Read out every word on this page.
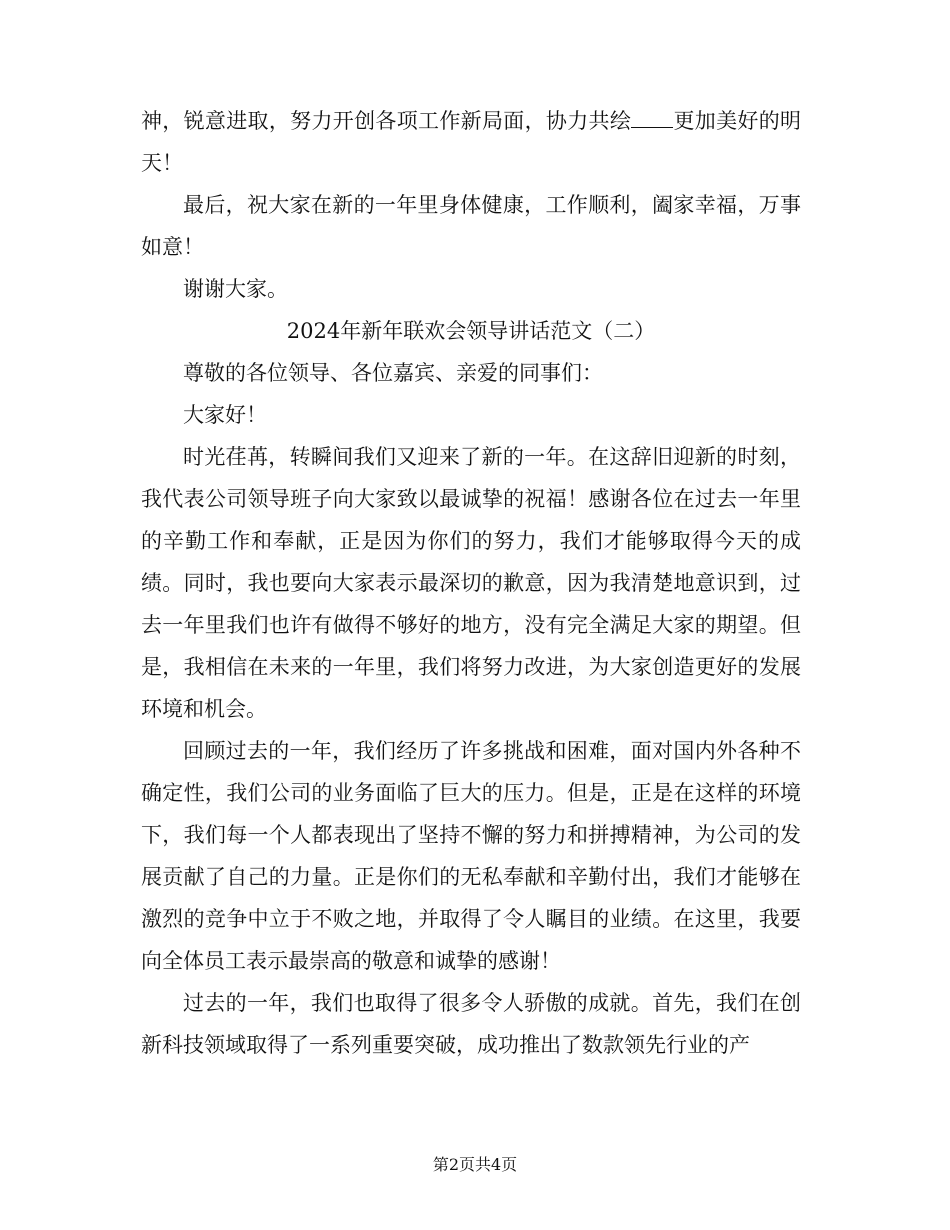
神，锐意进取，努力开创各项工作新局面，协力共绘 更加美好的明天！

最后，祝大家在新的一年里身体健康，工作顺利，阖家幸福，万事如意！

谢谢大家。

2024年新年联欢会领导讲话范文（二）

尊敬的各位领导、各位嘉宾、亲爱的同事们：

大家好！

时光荏苒，转瞬间我们又迎来了新的一年。在这辞旧迎新的时刻，我代表公司领导班子向大家致以最诚挚的祝福！感谢各位在过去一年里的辛勤工作和奉献，正是因为你们的努力，我们才能够取得今天的成绩。同时，我也要向大家表示最深切的歉意，因为我清楚地意识到，过去一年里我们也许有做得不够好的地方，没有完全满足大家的期望。但是，我相信在未来的一年里，我们将努力改进，为大家创造更好的发展环境和机会。

回顾过去的一年，我们经历了许多挑战和困难，面对国内外各种不确定性，我们公司的业务面临了巨大的压力。但是，正是在这样的环境下，我们每一个人都表现出了坚持不懈的努力和拼搏精神，为公司的发展贡献了自己的力量。正是你们的无私奉献和辛勤付出，我们才能够在激烈的竞争中立于不败之地，并取得了令人瞩目的业绩。在这里，我要向全体员工表示最崇高的敬意和诚挚的感谢！

过去的一年，我们也取得了很多令人骄傲的成就。首先，我们在创新科技领域取得了一系列重要突破，成功推出了数款领先行业的产

第2页共4页
